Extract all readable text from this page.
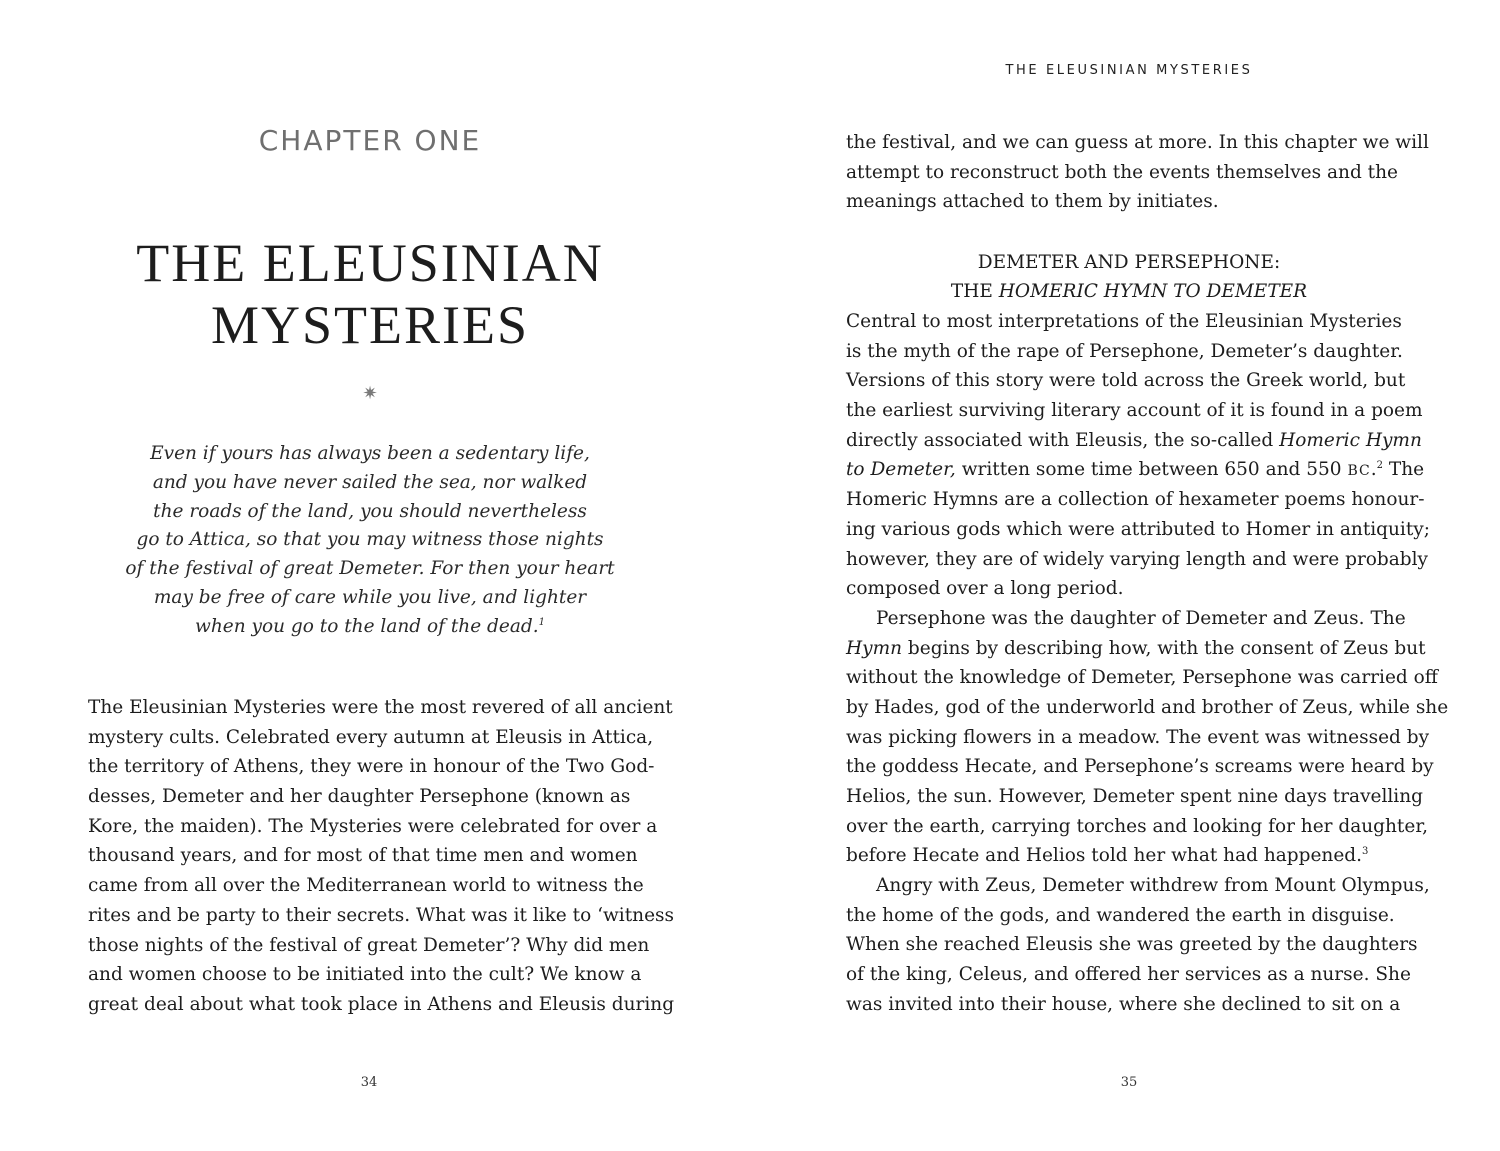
CHAPTER ONE
THE ELEUSINIAN
MYSTERIES
✷
Even if yours has always been a sedentary life,
and you have never sailed the sea, nor walked
the roads of the land, you should nevertheless
go to Attica, so that you may witness those nights
of the festival of great Demeter. For then your heart
may be free of care while you live, and lighter
when you go to the land of the dead.$^1$
The Eleusinian Mysteries were the most revered of all ancient
mystery cults. Celebrated every autumn at Eleusis in Attica,
the territory of Athens, they were in honour of the Two God-
desses, Demeter and her daughter Persephone (known as
Kore, the maiden). The Mysteries were celebrated for over a
thousand years, and for most of that time men and women
came from all over the Mediterranean world to witness the
rites and be party to their secrets. What was it like to ‘witness
those nights of the festival of great Demeter’? Why did men
and women choose to be initiated into the cult? We know a
great deal about what took place in Athens and Eleusis during
34
THE ELEUSINIAN MYSTERIES
the festival, and we can guess at more. In this chapter we will
attempt to reconstruct both the events themselves and the
meanings attached to them by initiates.
DEMETER AND PERSEPHONE:
THE HOMERIC HYMN TO DEMETER
Central to most interpretations of the Eleusinian Mysteries
is the myth of the rape of Persephone, Demeter’s daughter.
Versions of this story were told across the Greek world, but
the earliest surviving literary account of it is found in a poem
directly associated with Eleusis, the so-called Homeric Hymn
to Demeter, written some time between 650 and 550 BC.$^2$ The
Homeric Hymns are a collection of hexameter poems honour-
ing various gods which were attributed to Homer in antiquity;
however, they are of widely varying length and were probably
composed over a long period.
Persephone was the daughter of Demeter and Zeus. The
Hymn begins by describing how, with the consent of Zeus but
without the knowledge of Demeter, Persephone was carried off
by Hades, god of the underworld and brother of Zeus, while she
was picking flowers in a meadow. The event was witnessed by
the goddess Hecate, and Persephone’s screams were heard by
Helios, the sun. However, Demeter spent nine days travelling
over the earth, carrying torches and looking for her daughter,
before Hecate and Helios told her what had happened.$^3$
Angry with Zeus, Demeter withdrew from Mount Olympus,
the home of the gods, and wandered the earth in disguise.
When she reached Eleusis she was greeted by the daughters
of the king, Celeus, and offered her services as a nurse. She
was invited into their house, where she declined to sit on a
35
